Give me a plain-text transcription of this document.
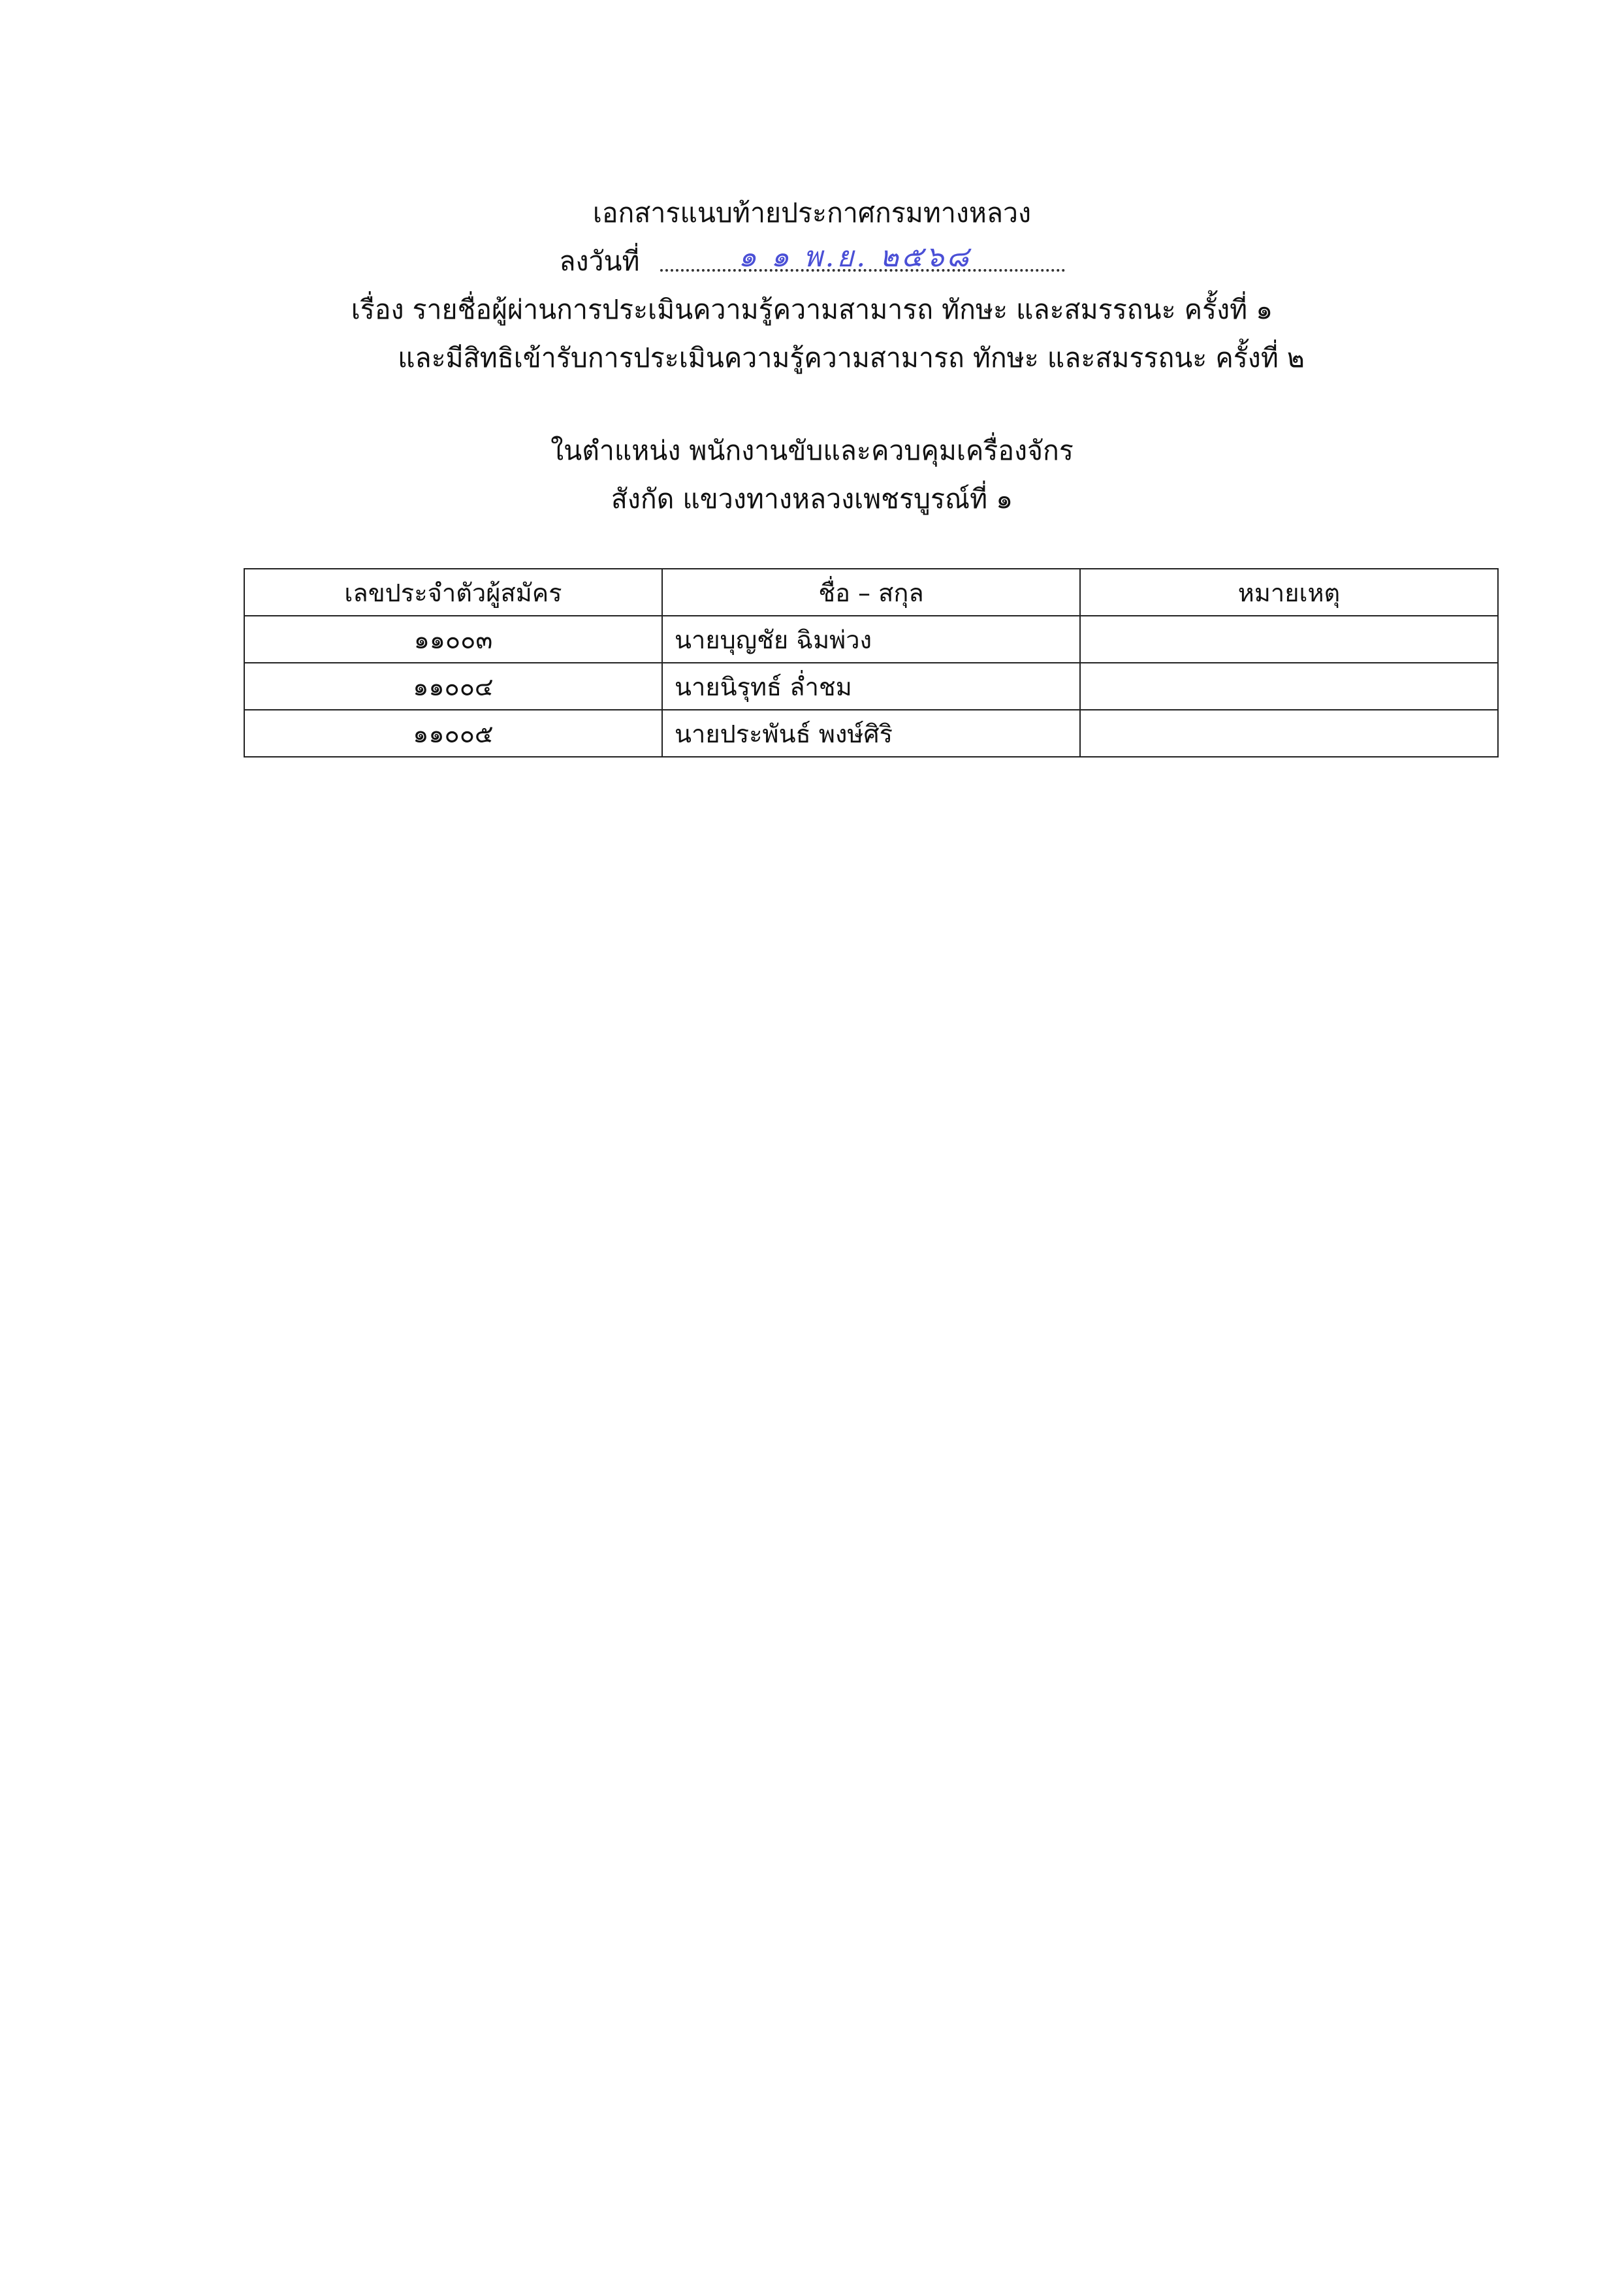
เอกสารแนบท้ายประกาศกรมทางหลวง
ลงวันที่	๑ ๑ พ.ย. ๒๕๖๘
เรื่อง รายชื่อผู้ผ่านการประเมินความรู้ความสามารถ ทักษะ และสมรรถนะ ครั้งที่ ๑
และมีสิทธิเข้ารับการประเมินความรู้ความสามารถ ทักษะ และสมรรถนะ ครั้งที่ ๒
ในตำแหน่ง พนักงานขับและควบคุมเครื่องจักร
สังกัด แขวงทางหลวงเพชรบูรณ์ที่ ๑
เลขประจำตัวผู้สมัคร	ชื่อ – สกุล	หมายเหตุ
๑๑๐๐๓	นายบุญชัย ฉิมพ่วง	
๑๑๐๐๔	นายนิรุทธ์ ล่ำชม	
๑๑๐๐๕	นายประพันธ์ พงษ์ศิริ	
